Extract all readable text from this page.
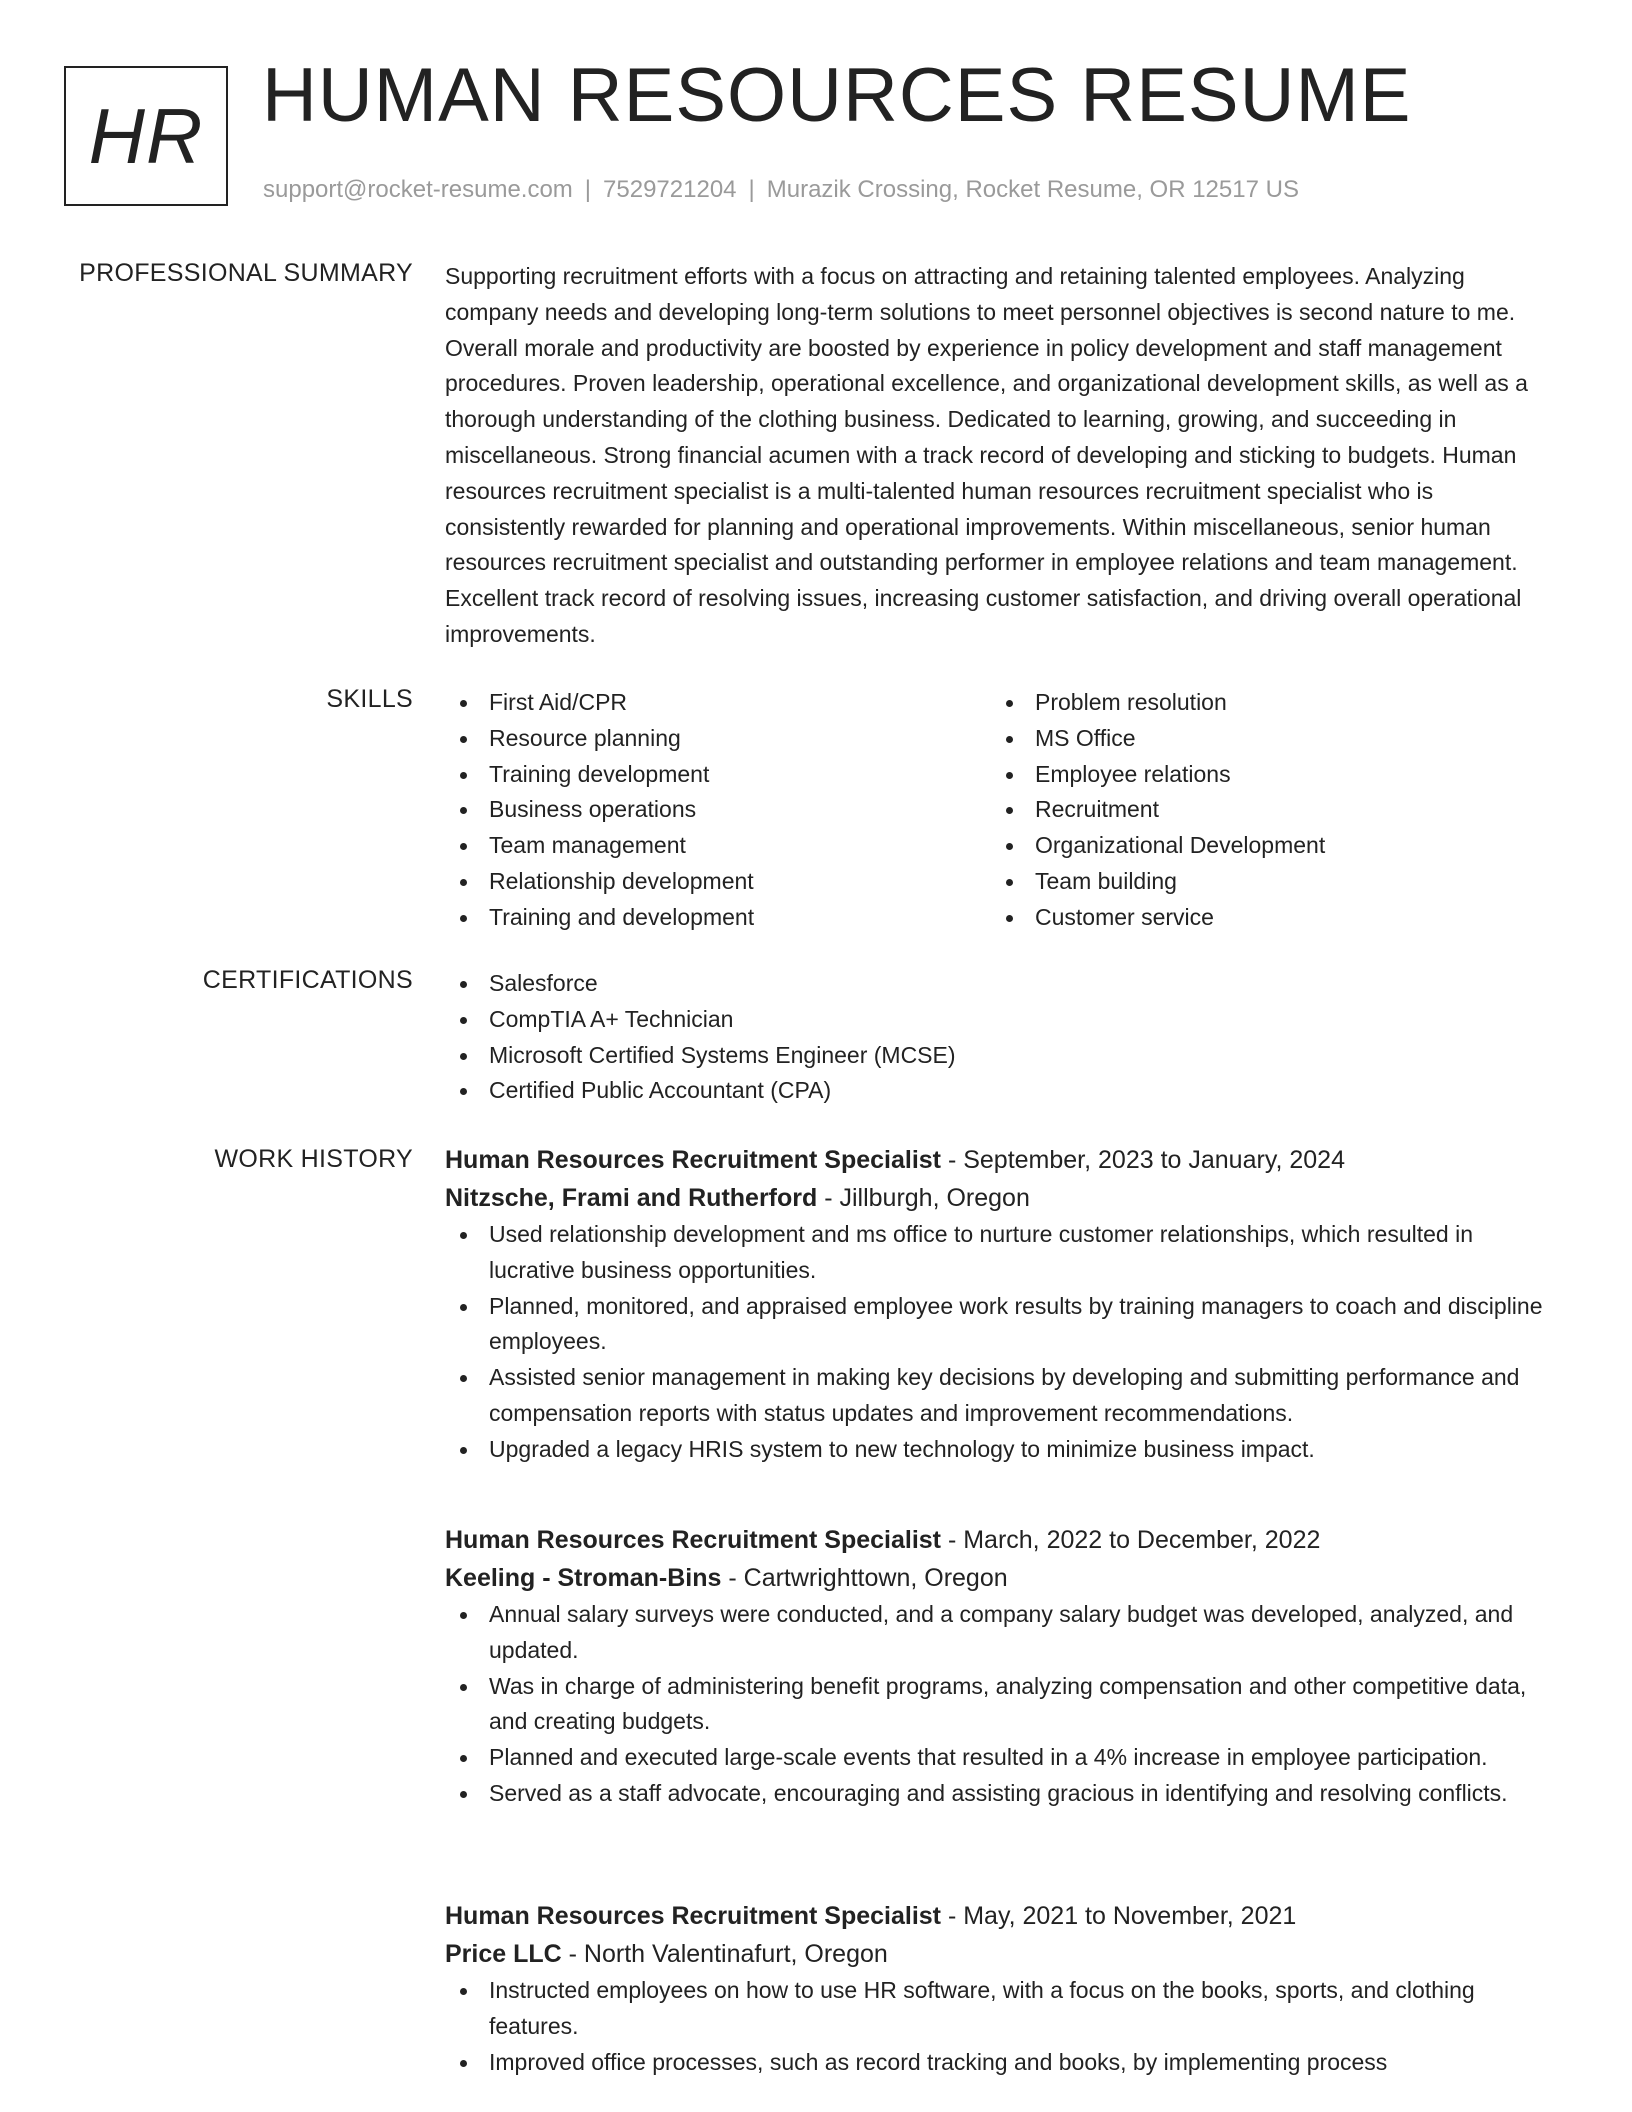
HR HUMAN RESOURCES RESUME
support@rocket-resume.com | 7529721204 | Murazik Crossing, Rocket Resume, OR 12517 US
PROFESSIONAL SUMMARY Supporting recruitment efforts with a focus on attracting and retaining talented employees. Analyzing company needs and developing long-term solutions to meet personnel objectives is second nature to me. Overall morale and productivity are boosted by experience in policy development and staff management procedures. Proven leadership, operational excellence, and organizational development skills, as well as a thorough understanding of the clothing business. Dedicated to learning, growing, and succeeding in miscellaneous. Strong financial acumen with a track record of developing and sticking to budgets. Human resources recruitment specialist is a multi-talented human resources recruitment specialist who is consistently rewarded for planning and operational improvements. Within miscellaneous, senior human resources recruitment specialist and outstanding performer in employee relations and team management. Excellent track record of resolving issues, increasing customer satisfaction, and driving overall operational improvements.

SKILLS	First Aid/CPR
Resource planning
Training development
Business operations
Team management
Relationship development
Training and development
Problem resolution
MS Office
Employee relations
Recruitment
Organizational Development
Team building
Customer service
CERTIFICATIONS	Salesforce
CompTIA A+ Technician
Microsoft Certified Systems Engineer (MCSE)
Certified Public Accountant (CPA)
WORK HISTORY Human Resources Recruitment Specialist - September, 2023 to January, 2024
Nitzsche, Frami and Rutherford - Jillburgh, Oregon
Used relationship development and ms office to nurture customer relationships, which resulted in lucrative business opportunities.
Planned, monitored, and appraised employee work results by training managers to coach and discipline employees.
Assisted senior management in making key decisions by developing and submitting performance and compensation reports with status updates and improvement recommendations.
Upgraded a legacy HRIS system to new technology to minimize business impact.
Human Resources Recruitment Specialist - March, 2022 to December, 2022
Keeling - Stroman-Bins - Cartwrighttown, Oregon
Annual salary surveys were conducted, and a company salary budget was developed, analyzed, and updated.
Was in charge of administering benefit programs, analyzing compensation and other competitive data, and creating budgets.
Planned and executed large-scale events that resulted in a 4% increase in employee participation.
Served as a staff advocate, encouraging and assisting gracious in identifying and resolving conflicts.
Human Resources Recruitment Specialist - May, 2021 to November, 2021
Price LLC - North Valentinafurt, Oregon
Instructed employees on how to use HR software, with a focus on the books, sports, and clothing features.
Improved office processes, such as record tracking and books, by implementing process
